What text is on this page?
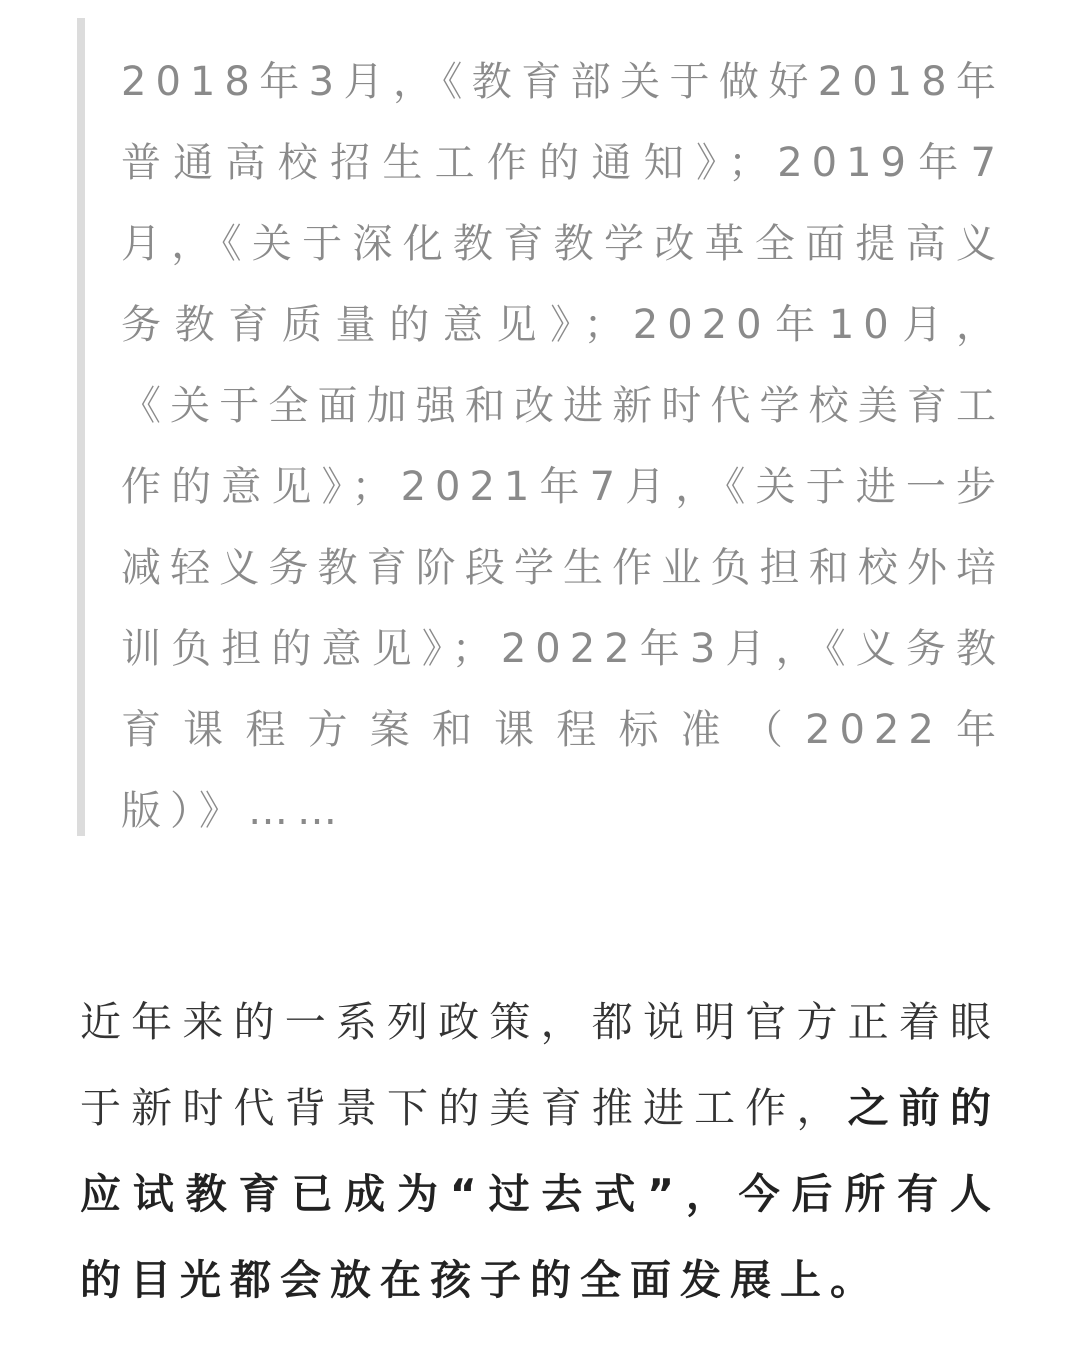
2018年3月，《教育部关于做好2018年普通高校招生工作的通知》；2019年7月，《关于深化教育教学改革全面提高义务教育质量的意见》；2020年10月，《关于全面加强和改进新时代学校美育工作的意见》；2021年7月，《关于进一步减轻义务教育阶段学生作业负担和校外培训负担的意见》；2022年3月，《义务教育课程方案和课程标准（2022年版）》……

近年来的一系列政策，都说明官方正着眼于新时代背景下的美育推进工作，之前的应试教育已成为“过去式”，今后所有人的目光都会放在孩子的全面发展上。
